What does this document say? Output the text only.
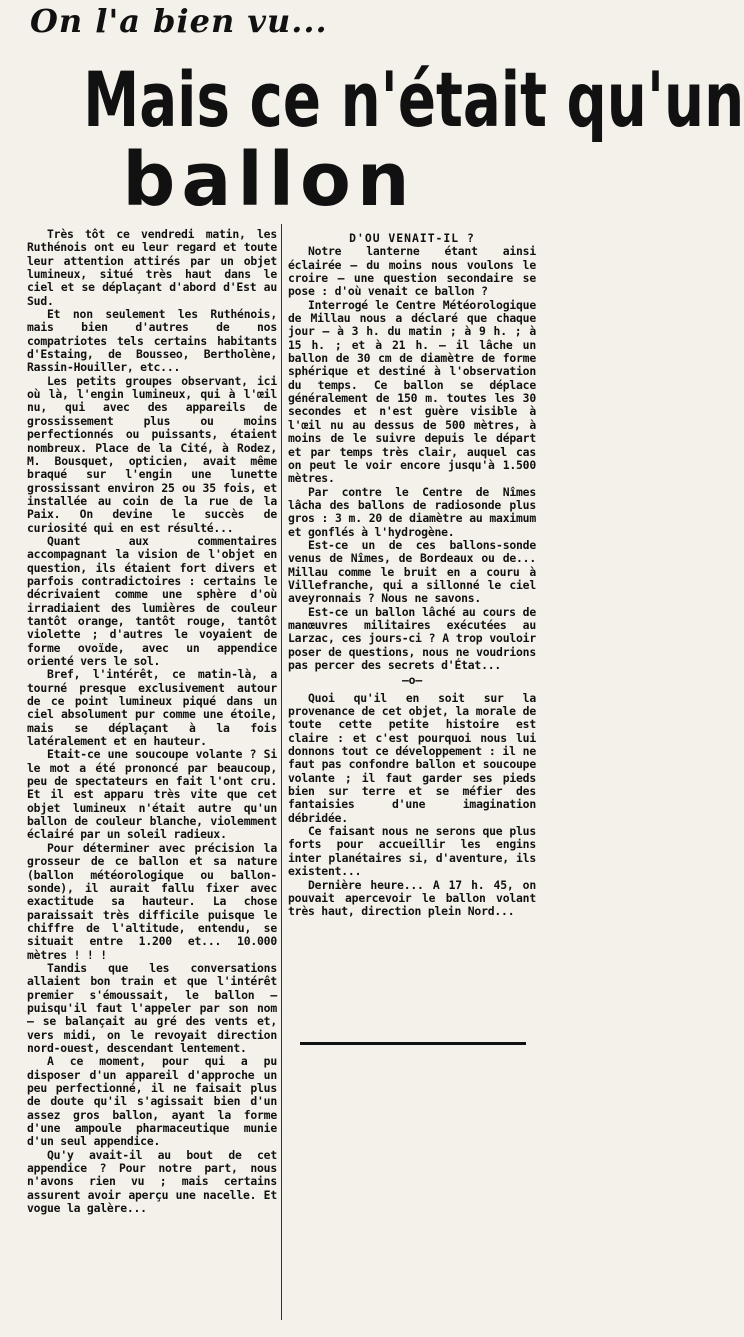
On l'a bien vu...
Mais ce n'était qu'un
ballon

Très tôt ce vendredi matin, les Ruthénois ont eu leur regard et toute leur attention attirés par un objet lumineux, situé très haut dans le ciel et se déplaçant d'abord d'Est au Sud.

Et non seulement les Ruthénois, mais bien d'autres de nos compatriotes tels certains habitants d'Estaing, de Bousseo, Bertholène, Rassin-Houiller, etc...

Les petits groupes observant, ici où là, l'engin lumineux, qui à l'œil nu, qui avec des appareils de grossissement plus ou moins perfectionnés ou puissants, étaient nombreux. Place de la Cité, à Rodez, M. Bousquet, opticien, avait même braqué sur l'engin une lunette grossissant environ 25 ou 35 fois, et installée au coin de la rue de la Paix. On devine le succès de curiosité qui en est résulté...

Quant aux commentaires accompagnant la vision de l'objet en question, ils étaient fort divers et parfois contradictoires : certains le décrivaient comme une sphère d'où irradiaient des lumières de couleur tantôt orange, tantôt rouge, tantôt violette ; d'autres le voyaient de forme ovoïde, avec un appendice orienté vers le sol.

Bref, l'intérêt, ce matin-là, a tourné presque exclusivement autour de ce point lumineux piqué dans un ciel absolument pur comme une étoile, mais se déplaçant à la fois latéralement et en hauteur.

Etait-ce une soucoupe volante ? Si le mot a été prononcé par beaucoup, peu de spectateurs en fait l'ont cru. Et il est apparu très vite que cet objet lumineux n'était autre qu'un ballon de couleur blanche, violemment éclairé par un soleil radieux.

Pour déterminer avec précision la grosseur de ce ballon et sa nature (ballon météorologique ou ballon-sonde), il aurait fallu fixer avec exactitude sa hauteur. La chose paraissait très difficile puisque le chiffre de l'altitude, entendu, se situait entre 1.200 et... 10.000 mètres ! ! !

Tandis que les conversations allaient bon train et que l'intérêt premier s'émoussait, le ballon — puisqu'il faut l'appeler par son nom — se balançait au gré des vents et, vers midi, on le revoyait direction nord-ouest, descendant lentement.

A ce moment, pour qui a pu disposer d'un appareil d'approche un peu perfectionné, il ne faisait plus de doute qu'il s'agissait bien d'un assez gros ballon, ayant la forme d'une ampoule pharmaceutique munie d'un seul appendice.

Qu'y avait-il au bout de cet appendice ? Pour notre part, nous n'avons rien vu ; mais certains assurent avoir aperçu une nacelle. Et vogue la galère...

D'OU VENAIT-IL ?

Notre lanterne étant ainsi éclairée — du moins nous voulons le croire — une question secondaire se pose : d'où venait ce ballon ?

Interrogé le Centre Météorologique de Millau nous a déclaré que chaque jour — à 3 h. du matin ; à 9 h. ; à 15 h. ; et à 21 h. — il lâche un ballon de 30 cm de diamètre de forme sphérique et destiné à l'observation du temps. Ce ballon se déplace généralement de 150 m. toutes les 30 secondes et n'est guère visible à l'œil nu au dessus de 500 mètres, à moins de le suivre depuis le départ et par temps très clair, auquel cas on peut le voir encore jusqu'à 1.500 mètres.

Par contre le Centre de Nîmes lâcha des ballons de radiosonde plus gros : 3 m. 20 de diamètre au maximum et gonflés à l'hydrogène.

Est-ce un de ces ballons-sonde venus de Nîmes, de Bordeaux ou de... Millau comme le bruit en a couru à Villefranche, qui a sillonné le ciel aveyronnais ? Nous ne savons.

Est-ce un ballon lâché au cours de manœuvres militaires exécutées au Larzac, ces jours-ci ? A trop vouloir poser de questions, nous ne voudrions pas percer des secrets d'État...

—o—

Quoi qu'il en soit sur la provenance de cet objet, la morale de toute cette petite histoire est claire : et c'est pourquoi nous lui donnons tout ce développement : il ne faut pas confondre ballon et soucoupe volante ; il faut garder ses pieds bien sur terre et se méfier des fantaisies d'une imagination débridée.

Ce faisant nous ne serons que plus forts pour accueillir les engins inter planétaires si, d'aventure, ils existent...

Dernière heure... A 17 h. 45, on pouvait apercevoir le ballon volant très haut, direction plein Nord...
